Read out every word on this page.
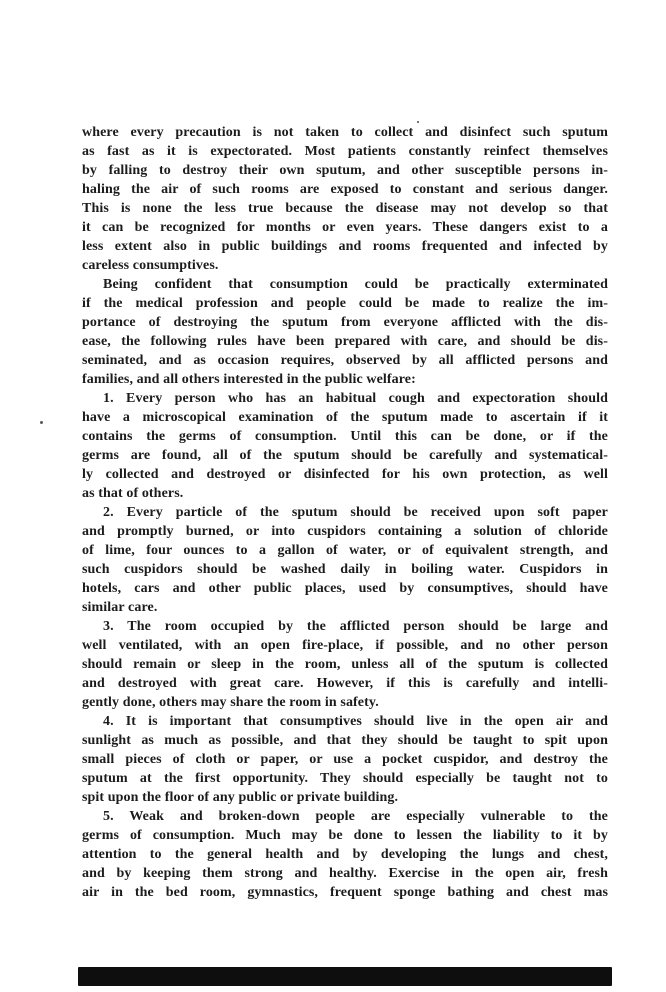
where every precaution is not taken to collect and disinfect such sputum
as fast as it is expectorated. Most patients constantly reinfect themselves
by falling to destroy their own sputum, and other susceptible persons in-
haling the air of such rooms are exposed to constant and serious danger.
This is none the less true because the disease may not develop so that
it can be recognized for months or even years. These dangers exist to a
less extent also in public buildings and rooms frequented and infected by
careless consumptives.

Being confident that consumption could be practically exterminated
if the medical profession and people could be made to realize the im-
portance of destroying the sputum from everyone afflicted with the dis-
ease, the following rules have been prepared with care, and should be dis-
seminated, and as occasion requires, observed by all afflicted persons and
families, and all others interested in the public welfare:

1. Every person who has an habitual cough and expectoration should
have a microscopical examination of the sputum made to ascertain if it
contains the germs of consumption. Until this can be done, or if the
germs are found, all of the sputum should be carefully and systematical-
ly collected and destroyed or disinfected for his own protection, as well
as that of others.

2. Every particle of the sputum should be received upon soft paper
and promptly burned, or into cuspidors containing a solution of chloride
of lime, four ounces to a gallon of water, or of equivalent strength, and
such cuspidors should be washed daily in boiling water. Cuspidors in
hotels, cars and other public places, used by consumptives, should have
similar care.

3. The room occupied by the afflicted person should be large and
well ventilated, with an open fire-place, if possible, and no other person
should remain or sleep in the room, unless all of the sputum is collected
and destroyed with great care. However, if this is carefully and intelli-
gently done, others may share the room in safety.

4. It is important that consumptives should live in the open air and
sunlight as much as possible, and that they should be taught to spit upon
small pieces of cloth or paper, or use a pocket cuspidor, and destroy the
sputum at the first opportunity. They should especially be taught not to
spit upon the floor of any public or private building.

5. Weak and broken-down people are especially vulnerable to the
germs of consumption. Much may be done to lessen the liability to it by
attention to the general health and by developing the lungs and chest,
and by keeping them strong and healthy. Exercise in the open air, fresh
air in the bed room, gymnastics, frequent sponge bathing and chest mas
